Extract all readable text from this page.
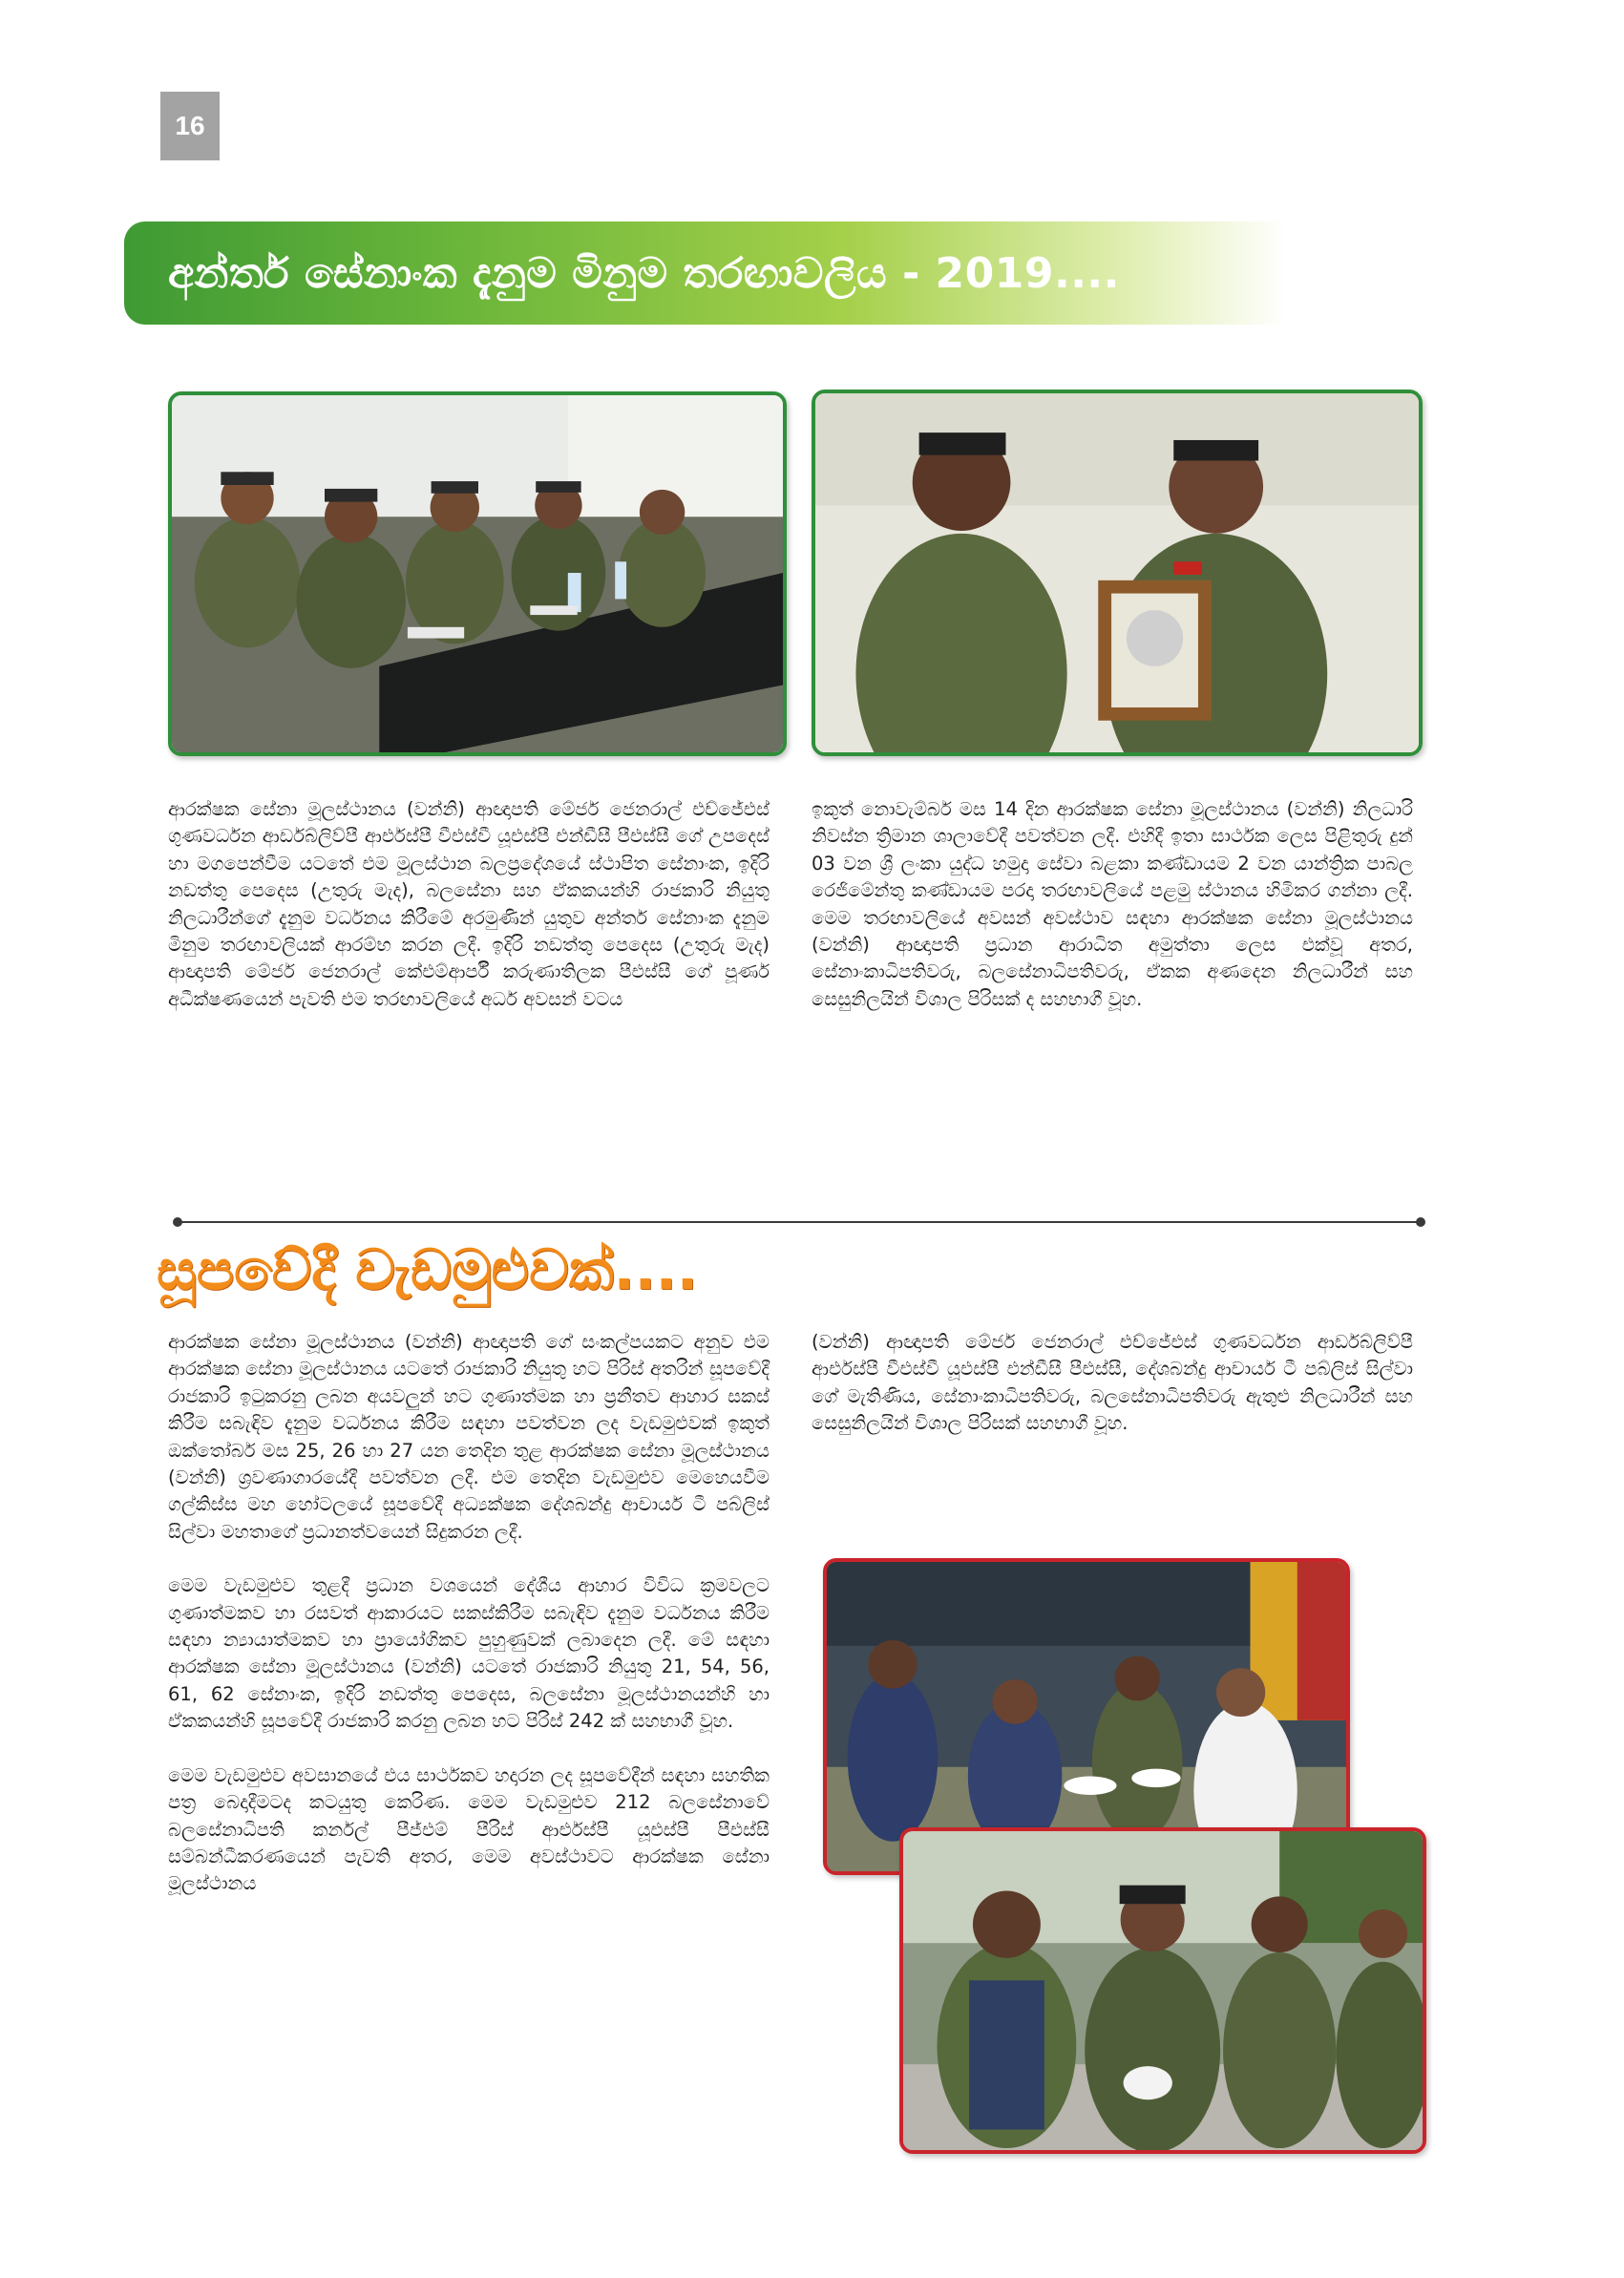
16
අන්තර් සේනාංක දැනුම මිනුම තරඟාවලිය - 2019....

ආරක්ෂක සේනා මූලස්ථානය (වන්නි) ආඥාපති මේජර් ජෙනරාල් එච්ජේඑස් ගුණවර්ධන ආර්ඩබ්ලිව්පී ආර්එස්පී වීඑස්වී යූඑස්පී එන්ඩීසී පීඑස්සී ගේ උපදෙස් හා මගපෙන්වීම යටතේ එම මූලස්ථාන බලප්‍රදේශයේ ස්ථාපිත සේනාංක, ඉදිරි නඩත්තු පෙදෙස (උතුරු මැද), බලසේනා සහ ඒකකයන්හි රාජකාරි නියුතු නිලධාරීන්ගේ දැනුම වර්ධනය කිරීමේ අරමුණින් යුතුව අන්තර් සේනාංක දැනුම මිනුම තරඟාවලියක් ආරම්භ කරන ලදී. ඉදිරි නඩත්තු පෙදෙස (උතුරු මැද) ආඥාපති මේජර් ජෙනරාල් කේඑම්ආර්පී කරුණාතිලක පීඑස්සී ගේ පූර්ණ අධීක්ෂණයෙන් පැවති එම තරඟාවලියේ අර්ධ අවසන් වටය

ඉකුත් නොවැම්බර් මස 14 දින ආරක්ෂක සේනා මූලස්ථානය (වන්නි) නිලධාරි නිවස්න ත්‍රිමාන ශාලාවේදී පවත්වන ලදී. එහිදී ඉතා සාර්ථක ලෙස පිළිතුරු දුන් 03 වන ශ්‍රී ලංකා යුද්ධ හමුදා සේවා බළකා කණ්ඩායම 2 වන යාන්ත්‍රික පාබල රෙජිමේන්තු කණ්ඩායම පරදා තරඟාවලියේ පළමු ස්ථානය හිමිකර ගන්නා ලදී. මෙම තරඟාවලියේ අවසන් අවස්ථාව සඳහා ආරක්ෂක සේනා මූලස්ථානය (වන්නි) ආඥාපති ප්‍රධාන ආරාධිත අමුත්තා ලෙස එක්වූ අතර, සේනාංකාධිපතිවරු, බලසේනාධිපතිවරු, ඒකක අණදෙන නිලධාරීන් සහ සෙසුනිලයින් විශාල පිරිසක් ද සහභාගී වූහ.

සූපවේදී වැඩමුළුවක්....

ආරක්ෂක සේනා මූලස්ථානය (වන්නි) ආඥාපති ගේ සංකල්පයකට අනුව එම ආරක්ෂක සේනා මූලස්ථානය යටතේ රාජකාරි නියුතු හට පිරිස් අතරින් සූපවේදී රාජකාරි ඉටුකරනු ලබන අයවලුන් හට ගුණාත්මක හා ප්‍රනීතව ආහාර සකස් කිරීම සබැඳිව දැනුම වර්ධනය කිරීම සඳහා පවත්වන ලද වැඩමුළුවක් ඉකුත් ඔක්තෝබර් මස 25, 26 හා 27 යන තෙදින තුළ ආරක්ෂක සේනා මූලස්ථානය (වන්නි) ශ්‍රවණාගාරයේදී පවත්වන ලදී. එම තෙදින වැඩමුළුව මෙහෙයවීම ගල්කිස්ස මහ හෝටලයේ සූපවේදී අධ්‍යක්ෂක දේශබන්දු ආචාර්ය ටී පබ්ලිස් සිල්වා මහතාගේ ප්‍රධානත්වයෙන් සිදුකරන ලදී.

මෙම වැඩමුළුව තුළදී ප්‍රධාන වශයෙන් දේශීය ආහාර විවිධ ක්‍රමවලට ගුණාත්මකව හා රසවත් ආකාරයට සකස්කිරීම සබැඳිව දැනුම වර්ධනය කිරීම සඳහා න්‍යායාත්මකව හා ප්‍රායෝගිකව පුහුණුවක් ලබාදෙන ලදී. මේ සඳහා ආරක්ෂක සේනා මූලස්ථානය (වන්නි) යටතේ රාජකාරි නියුතු 21, 54, 56, 61, 62 සේනාංක, ඉදිරි නඩත්තු පෙදෙස, බලසේනා මූලස්ථානයන්හි හා ඒකකයන්හි සූපවේදී රාජකාරි කරනු ලබන හට පිරිස් 242 ක් සහභාගී වූහ.

මෙම වැඩමුළුව අවසානයේ එය සාර්ථකව හදාරන ලද සූපවේදීන් සඳහා සහතික පත්‍ර බෙදාදීමටද කටයුතු කෙරිණ. මෙම වැඩමුළුව 212 බලසේනාවේ බලසේනාධිපති කර්නල් පීජ්එම් පීරිස් ආර්එස්පී යූඑස්පී පීඑස්සී සම්බන්ධීකරණයෙන් පැවති අතර, මෙම අවස්ථාවට ආරක්ෂක සේනා මූලස්ථානය

(වන්නි) ආඥාපති මේජර් ජෙනරාල් එච්ජේඑස් ගුණවර්ධන ආර්ඩබ්ලිව්පී ආර්එස්පී වීඑස්වී යූඑස්පී එන්ඩීසී පීඑස්සී, දේශබන්දු ආචාර්ය ටී පබ්ලිස් සිල්වා ගේ මැතිණිය, සේනාංකාධිපතිවරු, බලසේනාධිපතිවරු ඇතුළු නිලධාරීන් සහ සෙසුනිලයින් විශාල පිරිසක් සහභාගී වූහ.
